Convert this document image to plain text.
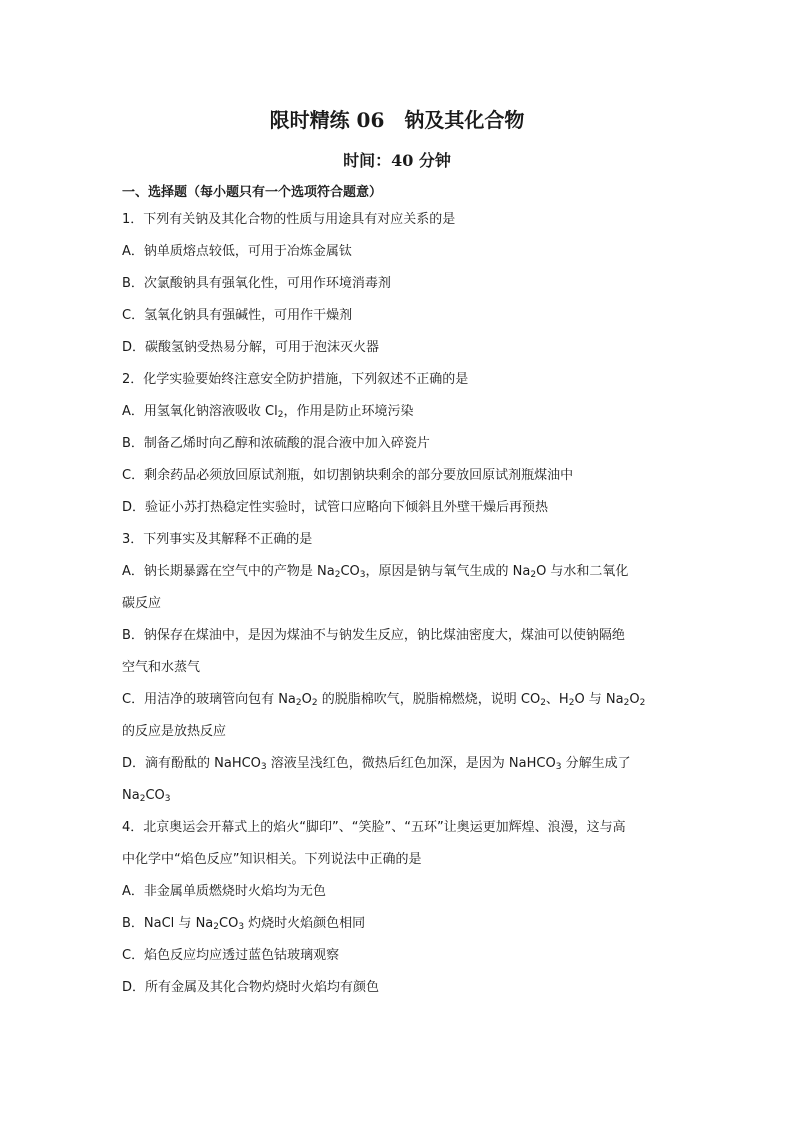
限时精练 06　钠及其化合物
时间：40 分钟
一、选择题（每小题只有一个选项符合题意）
1．下列有关钠及其化合物的性质与用途具有对应关系的是
A．钠单质熔点较低，可用于冶炼金属钛
B．次氯酸钠具有强氧化性，可用作环境消毒剂
C．氢氧化钠具有强碱性，可用作干燥剂
D．碳酸氢钠受热易分解，可用于泡沫灭火器
2．化学实验要始终注意安全防护措施，下列叙述不正确的是
A．用氢氧化钠溶液吸收 $Cl_2$，作用是防止环境污染
B．制备乙烯时向乙醇和浓硫酸的混合液中加入碎瓷片
C．剩余药品必须放回原试剂瓶，如切割钠块剩余的部分要放回原试剂瓶煤油中
D．验证小苏打热稳定性实验时，试管口应略向下倾斜且外壁干燥后再预热
3．下列事实及其解释不正确的是
A．钠长期暴露在空气中的产物是 $Na_2CO_3$，原因是钠与氧气生成的 $Na_2O$ 与水和二氧化
碳反应
B．钠保存在煤油中，是因为煤油不与钠发生反应，钠比煤油密度大，煤油可以使钠隔绝
空气和水蒸气
C．用洁净的玻璃管向包有 $Na_2O_2$ 的脱脂棉吹气，脱脂棉燃烧，说明 $CO_2$、$H_2O$ 与 $Na_2O_2$
的反应是放热反应
D．滴有酚酞的 NaHCO$_3$ 溶液呈浅红色，微热后红色加深，是因为 NaHCO$_3$ 分解生成了
$Na_2CO_3$
4．北京奥运会开幕式上的焰火“脚印”、“笑脸”、“五环”让奥运更加辉煌、浪漫，这与高
中化学中“焰色反应”知识相关。下列说法中正确的是
A．非金属单质燃烧时火焰均为无色
B．NaCl 与 $Na_2CO_3$ 灼烧时火焰颜色相同
C．焰色反应均应透过蓝色钴玻璃观察
D．所有金属及其化合物灼烧时火焰均有颜色
